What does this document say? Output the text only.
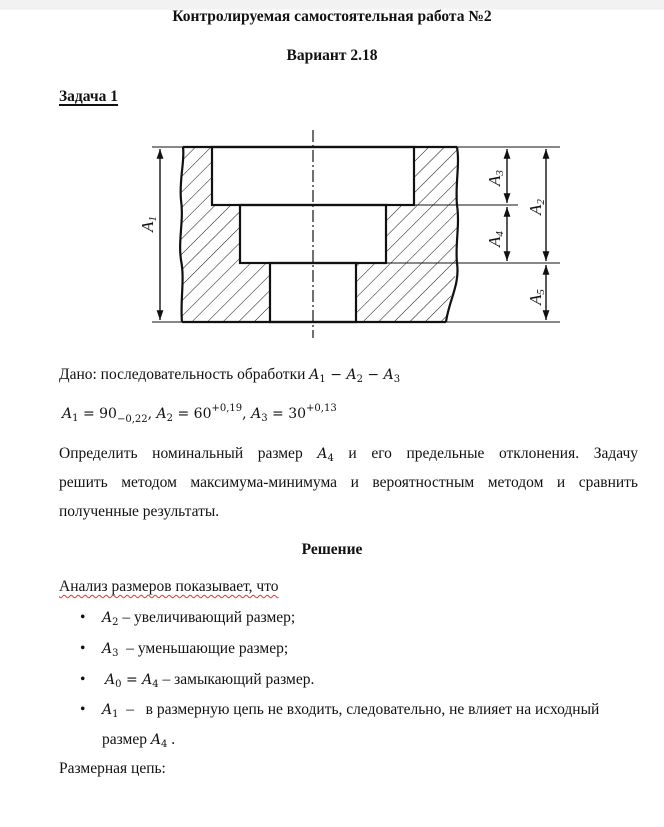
Контролируемая самостоятельная работа №2
Вариант 2.18
Задача 1
A1
A3
A4
A2
A5
Дано: последовательность обработки $A_1 - A_2 - A_3$
$A_1 = 90_{-0,22}$, $A_2 = 60^{+0,19}$, $A_3 = 30^{+0,13}$
Определить номинальный размер $A_4$ и его предельные отклонения. Задачу
решить методом максимума-минимума и вероятностным методом и сравнить
полученные результаты.
Решение
Анализ размеров показывает, что
• $A_2$ – увеличивающий размер;
• $A_3$  – уменьшающие размер;
• $A_0 = A_4$ – замыкающий размер.
• $A_1$  –   в размерную цепь не входить, следовательно, не влияет на исходный
размер $A_4$ .
Размерная цепь:
